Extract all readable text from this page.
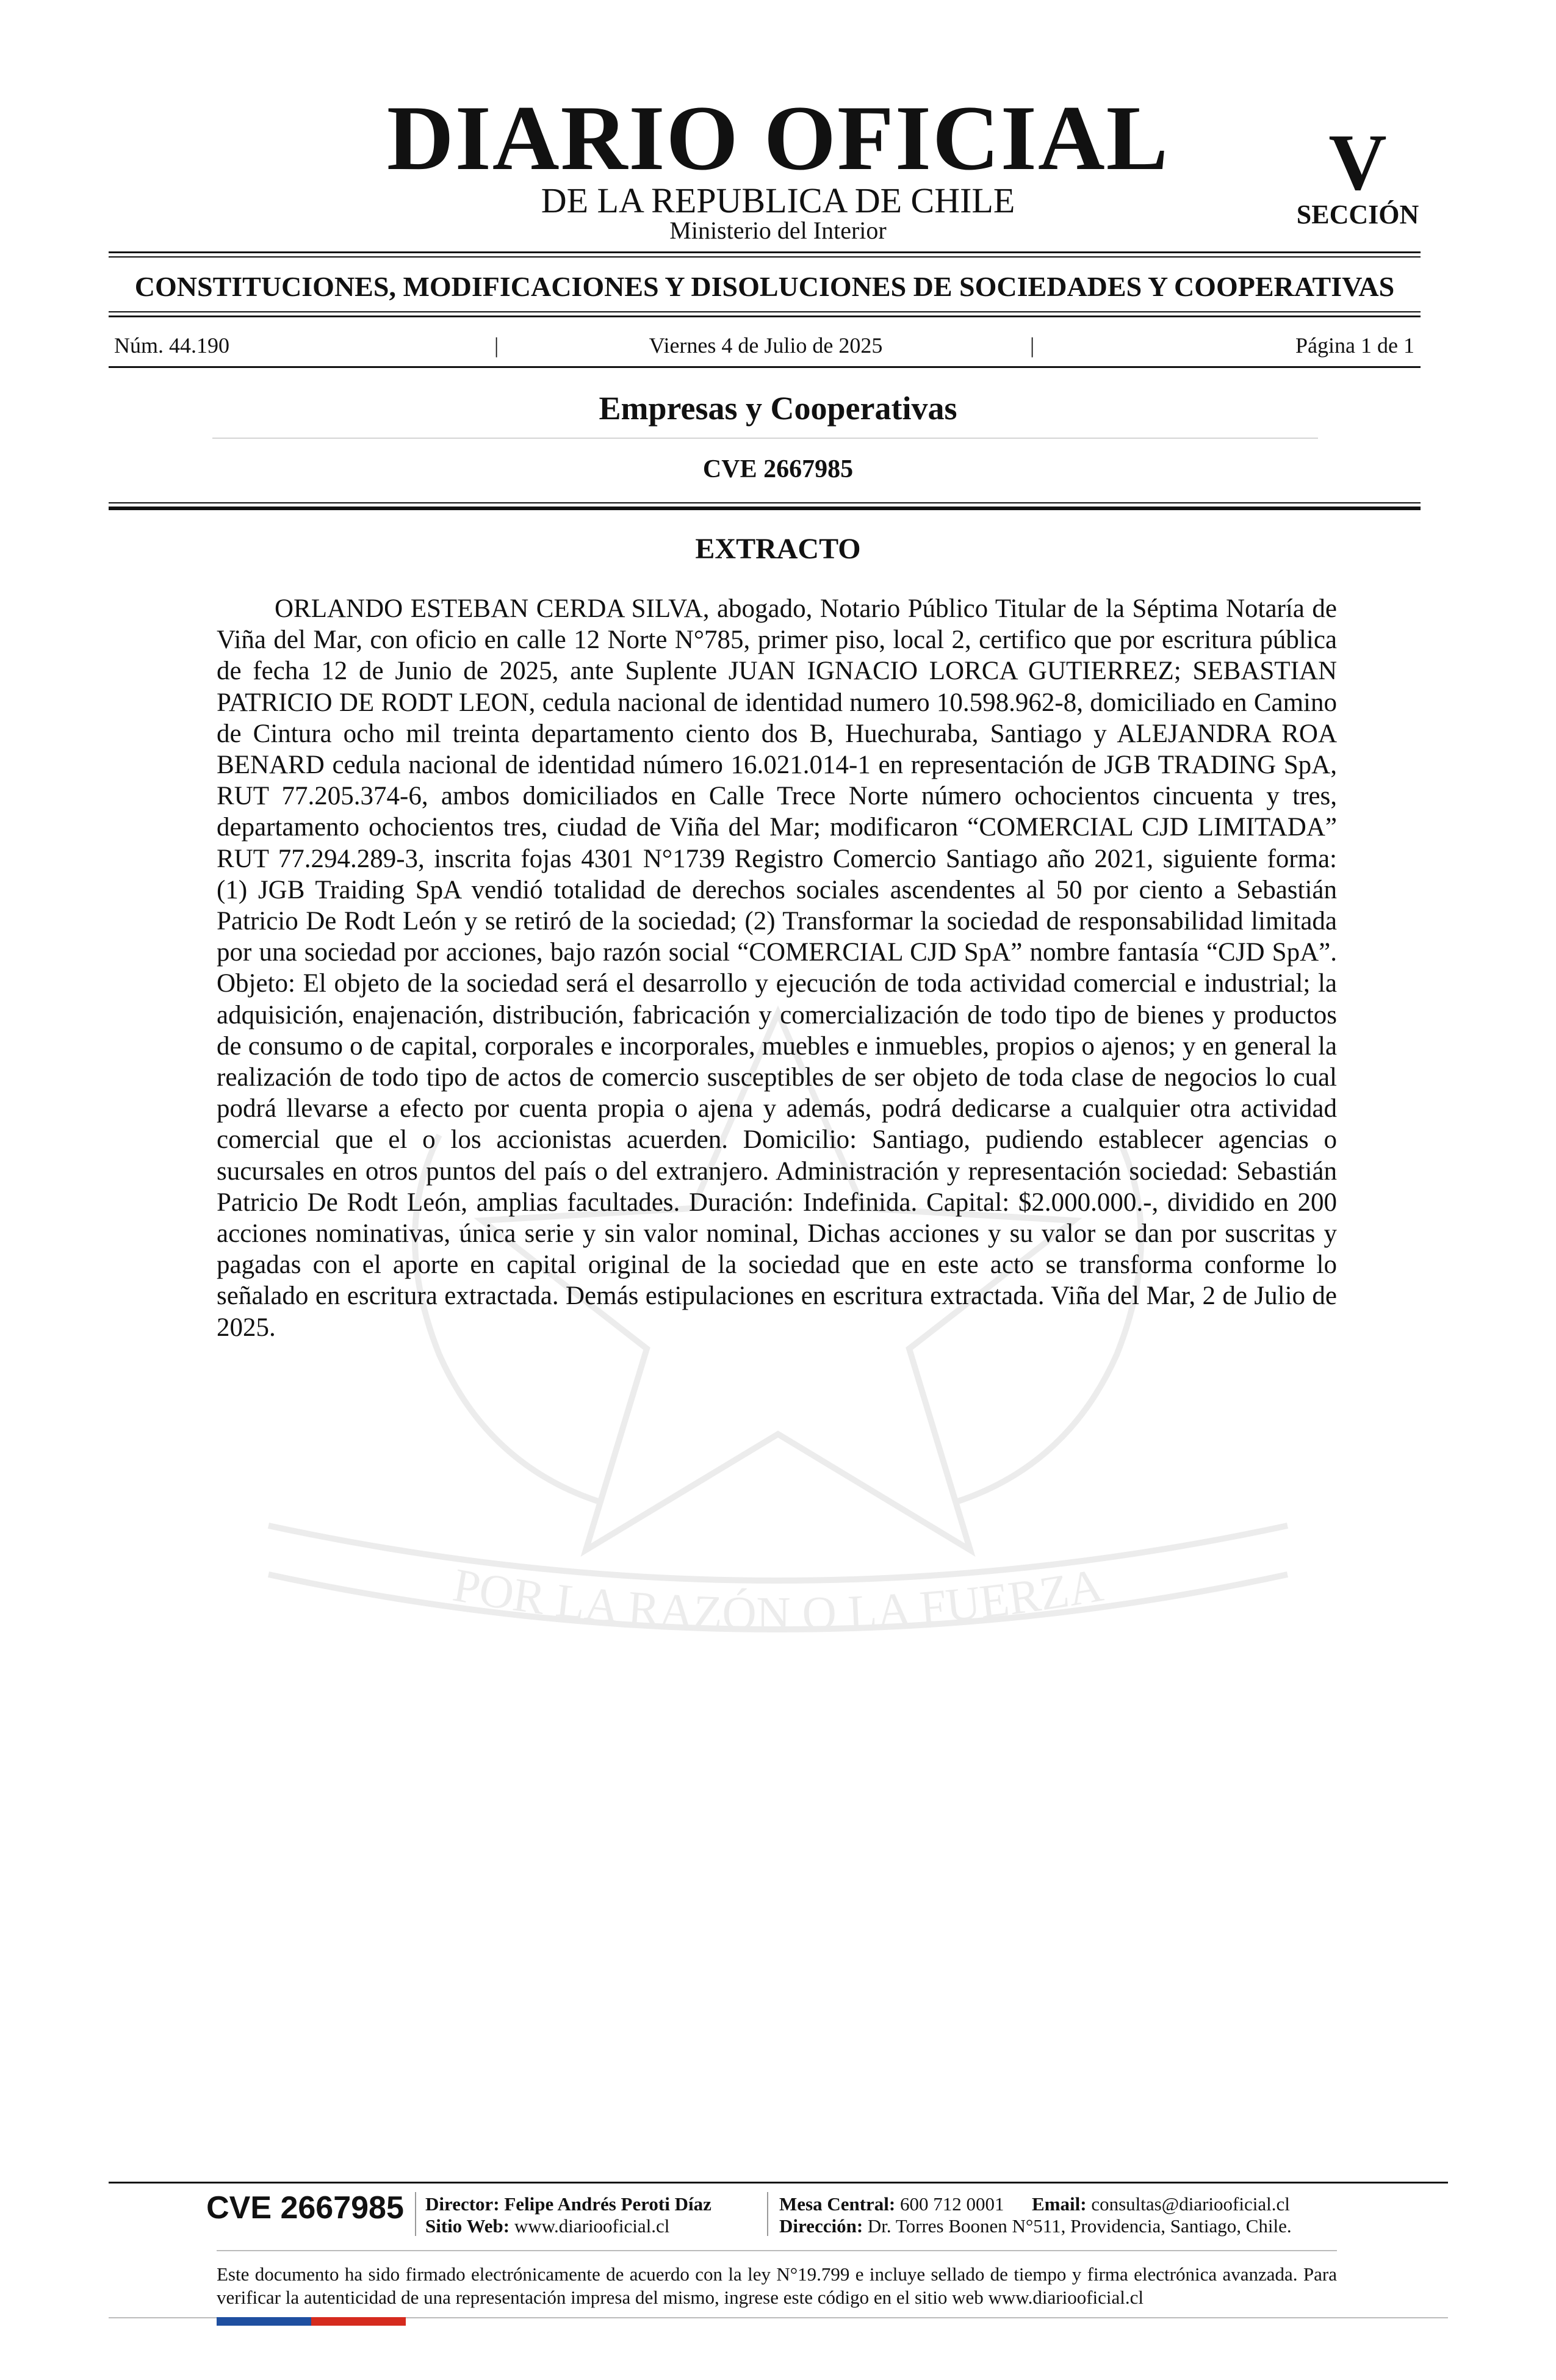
DIARIO OFICIAL
DE LA REPUBLICA DE CHILE
Ministerio del Interior
V
SECCIÓN
CONSTITUCIONES, MODIFICACIONES Y DISOLUCIONES DE SOCIEDADES Y COOPERATIVAS
Núm. 44.190	|	Viernes 4 de Julio de 2025	|	Página 1 de 1
Empresas y Cooperativas
CVE 2667985
POR LA RAZÓN O LA FUERZA
EXTRACTO

ORLANDO ESTEBAN CERDA SILVA, abogado, Notario Público Titular de la Séptima Notaría de Viña del Mar, con oficio en calle 12 Norte N°785, primer piso, local 2, certifico que por escritura pública de fecha 12 de Junio de 2025, ante Suplente JUAN IGNACIO LORCA GUTIERREZ; SEBASTIAN PATRICIO DE RODT LEON, cedula nacional de identidad numero 10.598.962-8, domiciliado en Camino de Cintura ocho mil treinta departamento ciento dos B, Huechuraba, Santiago y ALEJANDRA ROA BENARD cedula nacional de identidad número 16.021.014-1 en representación de JGB TRADING SpA, RUT 77.205.374-6, ambos domiciliados en Calle Trece Norte número ochocientos cincuenta y tres, departamento ochocientos tres, ciudad de Viña del Mar; modificaron “COMERCIAL CJD LIMITADA” RUT 77.294.289-3, inscrita fojas 4301 N°1739 Registro Comercio Santiago año 2021, siguiente forma: (1) JGB Traiding SpA vendió totalidad de derechos sociales ascendentes al 50 por ciento a Sebastián Patricio De Rodt León y se retiró de la sociedad; (2) Transformar la sociedad de responsabilidad limitada por una sociedad por acciones, bajo razón social “COMERCIAL CJD SpA” nombre fantasía “CJD SpA”. Objeto: El objeto de la sociedad será el desarrollo y ejecución de toda actividad comercial e industrial; la adquisición, enajenación, distribución, fabricación y comercialización de todo tipo de bienes y productos de consumo o de capital, corporales e incorporales, muebles e inmuebles, propios o ajenos; y en general la realización de todo tipo de actos de comercio susceptibles de ser objeto de toda clase de negocios lo cual podrá llevarse a efecto por cuenta propia o ajena y además, podrá dedicarse a cualquier otra actividad comercial que el o los accionistas acuerden. Domicilio: Santiago, pudiendo establecer agencias o sucursales en otros puntos del país o del extranjero. Administración y representación sociedad: Sebastián Patricio De Rodt León, amplias facultades. Duración: Indefinida. Capital: $2.000.000.-, dividido en 200 acciones nominativas, única serie y sin valor nominal, Dichas acciones y su valor se dan por suscritas y pagadas con el aporte en capital original de la sociedad que en este acto se transforma conforme lo señalado en escritura extractada. Demás estipulaciones en escritura extractada. Viña del Mar, 2 de Julio de 2025.

CVE 2667985 Director: Felipe Andrés Peroti Díaz
Sitio Web: www.diariooficial.cl
Mesa Central: 600 712 0001 Email: consultas@diariooficial.cl
Dirección: Dr. Torres Boonen N°511, Providencia, Santiago, Chile.

Este documento ha sido firmado electrónicamente de acuerdo con la ley N°19.799 e incluye sellado de tiempo y firma electrónica avanzada. Para verificar la autenticidad de una representación impresa del mismo, ingrese este código en el sitio web www.diariooficial.cl
